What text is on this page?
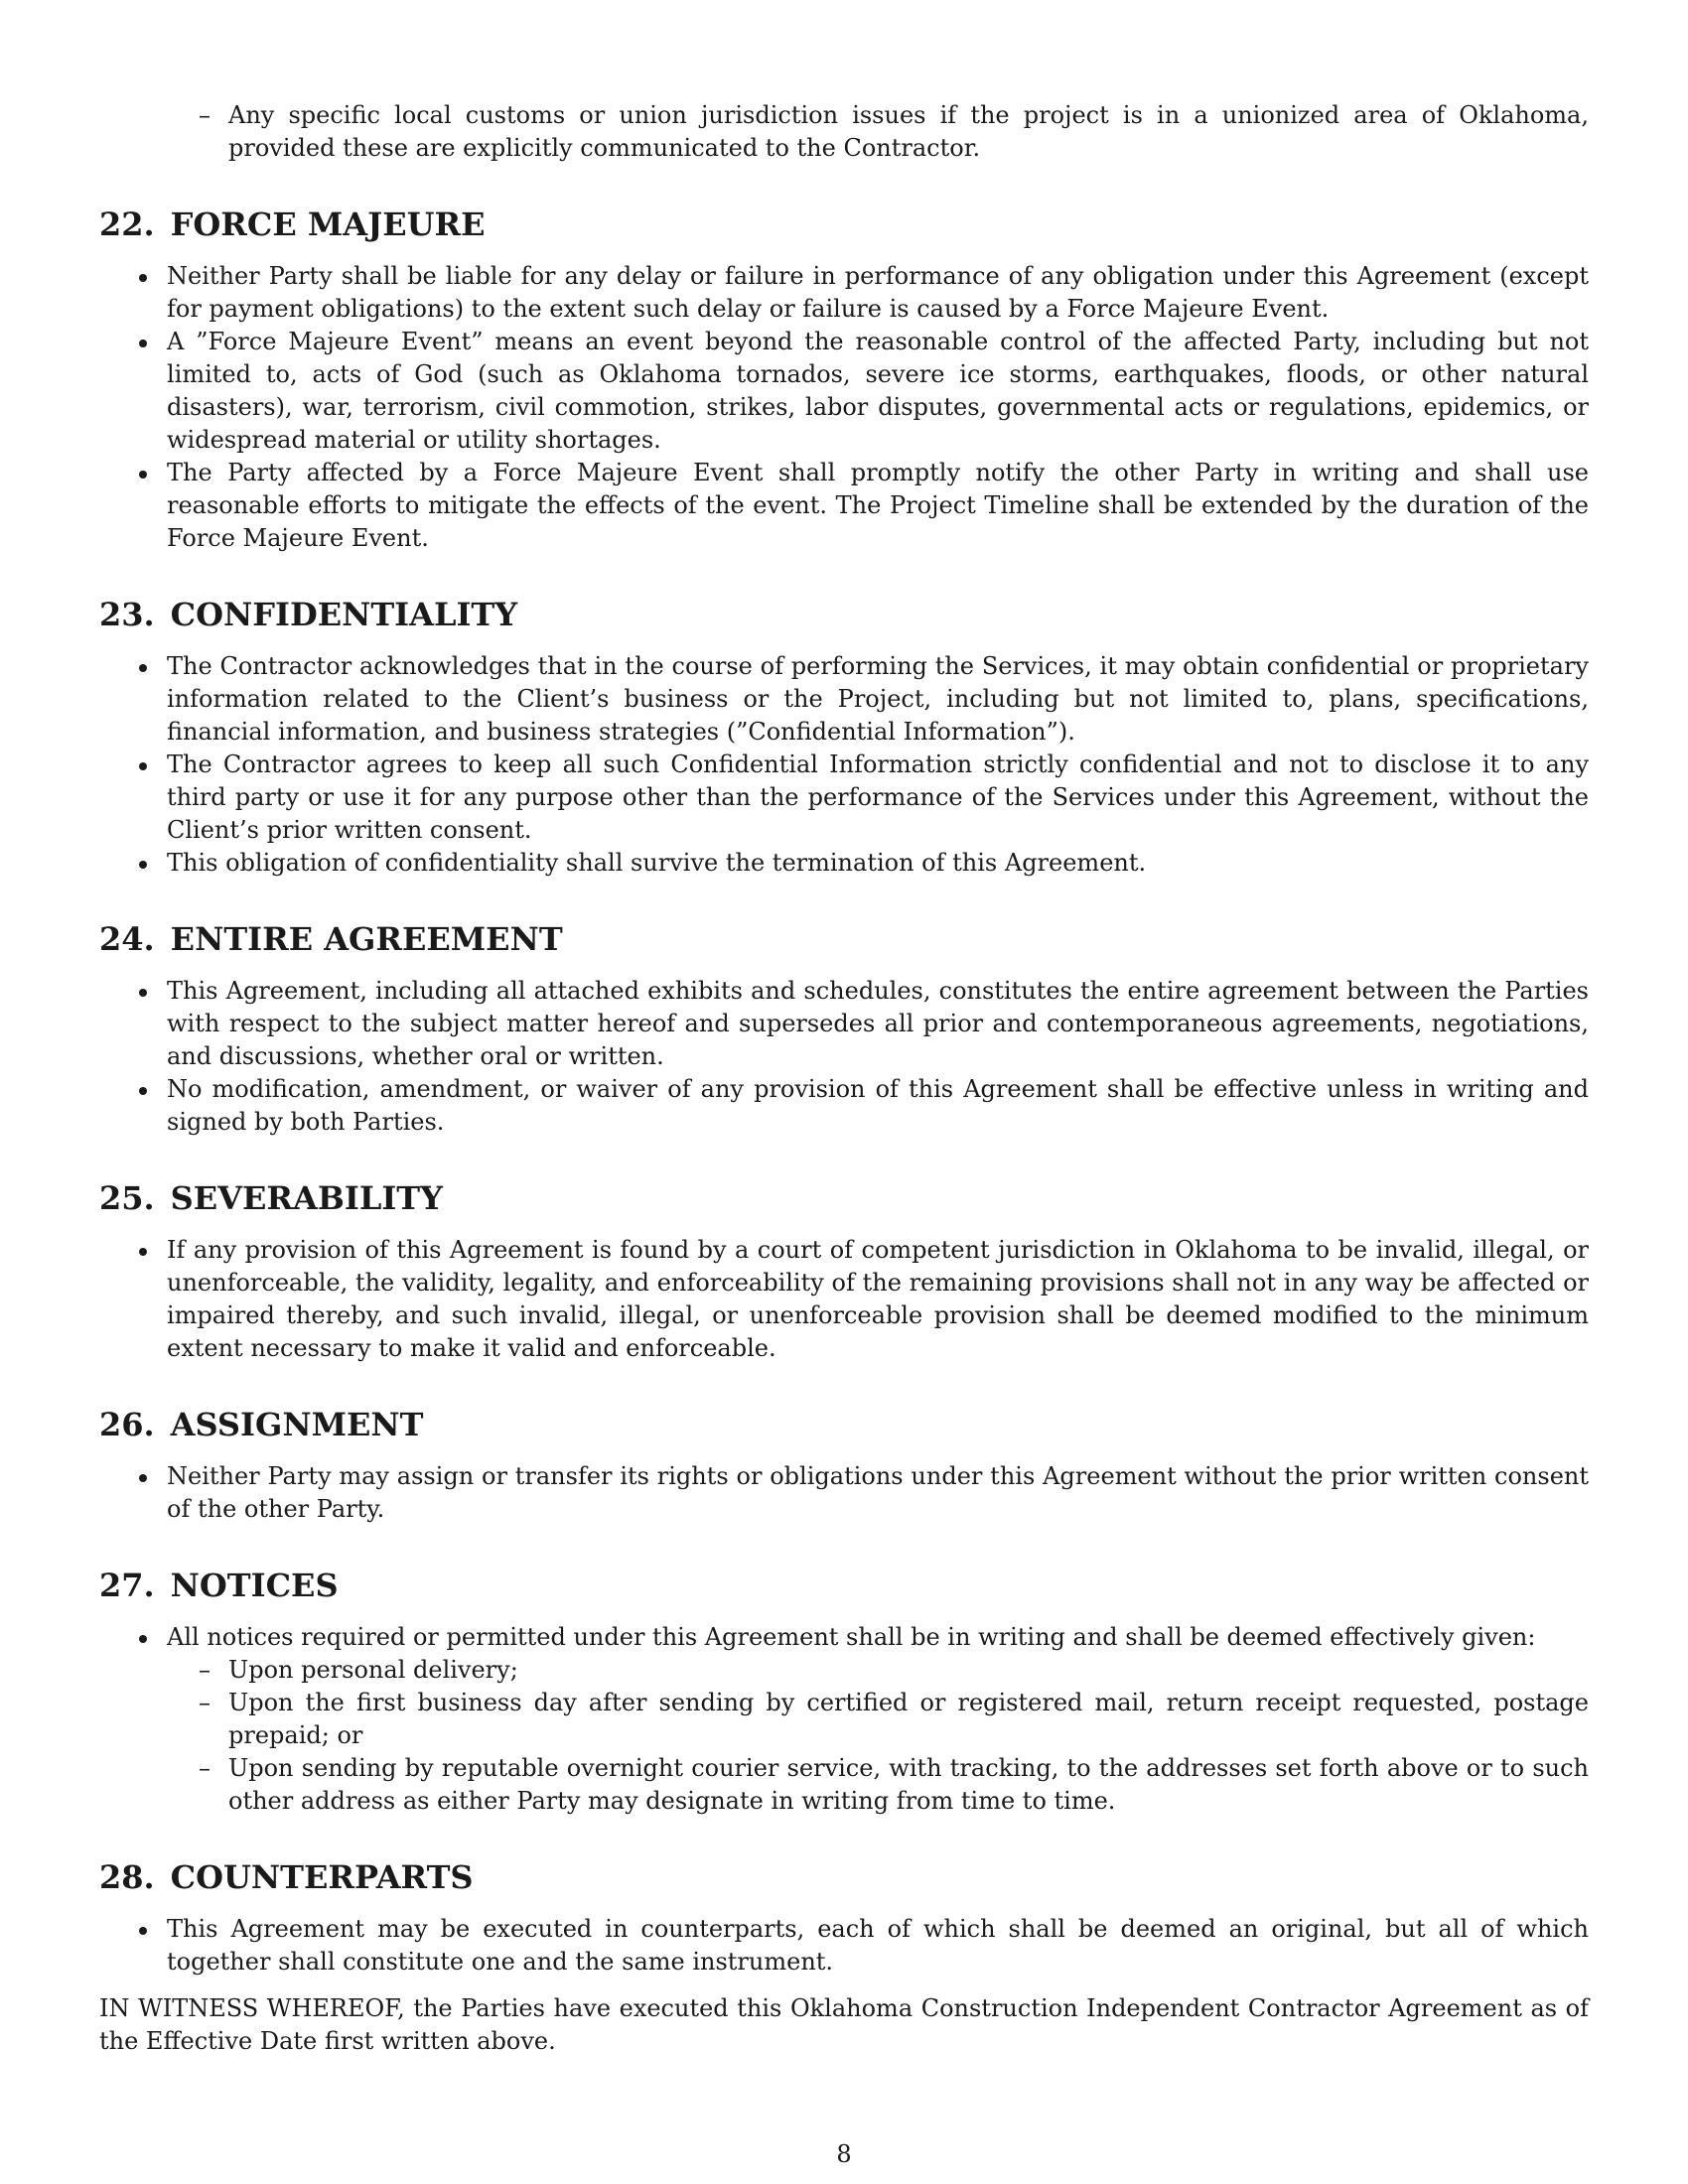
– Any specific local customs or union jurisdiction issues if the project is in a unionized area of Oklahoma, provided these are explicitly communicated to the Contractor.
22. FORCE MAJEURE
Neither Party shall be liable for any delay or failure in performance of any obligation under this Agreement (except for payment obligations) to the extent such delay or failure is caused by a Force Majeure Event.
A ”Force Majeure Event” means an event beyond the reasonable control of the affected Party, including but not limited to, acts of God (such as Oklahoma tornados, severe ice storms, earthquakes, floods, or other natural disasters), war, terrorism, civil commotion, strikes, labor disputes, governmental acts or regulations, epidemics, or widespread material or utility shortages.
The Party affected by a Force Majeure Event shall promptly notify the other Party in writing and shall use reasonable efforts to mitigate the effects of the event. The Project Timeline shall be extended by the duration of the Force Majeure Event.
23. CONFIDENTIALITY
The Contractor acknowledges that in the course of performing the Services, it may obtain confidential or proprietary information related to the Client’s business or the Project, including but not limited to, plans, specifications, financial information, and business strategies (”Confidential Information”).
The Contractor agrees to keep all such Confidential Information strictly confidential and not to disclose it to any third party or use it for any purpose other than the performance of the Services under this Agreement, without the Client’s prior written consent.
This obligation of confidentiality shall survive the termination of this Agreement.
24. ENTIRE AGREEMENT
This Agreement, including all attached exhibits and schedules, constitutes the entire agreement between the Parties with respect to the subject matter hereof and supersedes all prior and contemporaneous agreements, negotiations, and discussions, whether oral or written.
No modification, amendment, or waiver of any provision of this Agreement shall be effective unless in writing and signed by both Parties.
25. SEVERABILITY
If any provision of this Agreement is found by a court of competent jurisdiction in Oklahoma to be invalid, illegal, or unenforceable, the validity, legality, and enforceability of the remaining provisions shall not in any way be affected or impaired thereby, and such invalid, illegal, or unenforceable provision shall be deemed modified to the minimum extent necessary to make it valid and enforceable.
26. ASSIGNMENT
Neither Party may assign or transfer its rights or obligations under this Agreement without the prior written consent of the other Party.
27. NOTICES
All notices required or permitted under this Agreement shall be in writing and shall be deemed effectively given:
– Upon personal delivery;
– Upon the first business day after sending by certified or registered mail, return receipt requested, postage prepaid; or
– Upon sending by reputable overnight courier service, with tracking, to the addresses set forth above or to such other address as either Party may designate in writing from time to time.
28. COUNTERPARTS
This Agreement may be executed in counterparts, each of which shall be deemed an original, but all of which together shall constitute one and the same instrument.

IN WITNESS WHEREOF, the Parties have executed this Oklahoma Construction Independent Contractor Agreement as of the Effective Date first written above.

8
